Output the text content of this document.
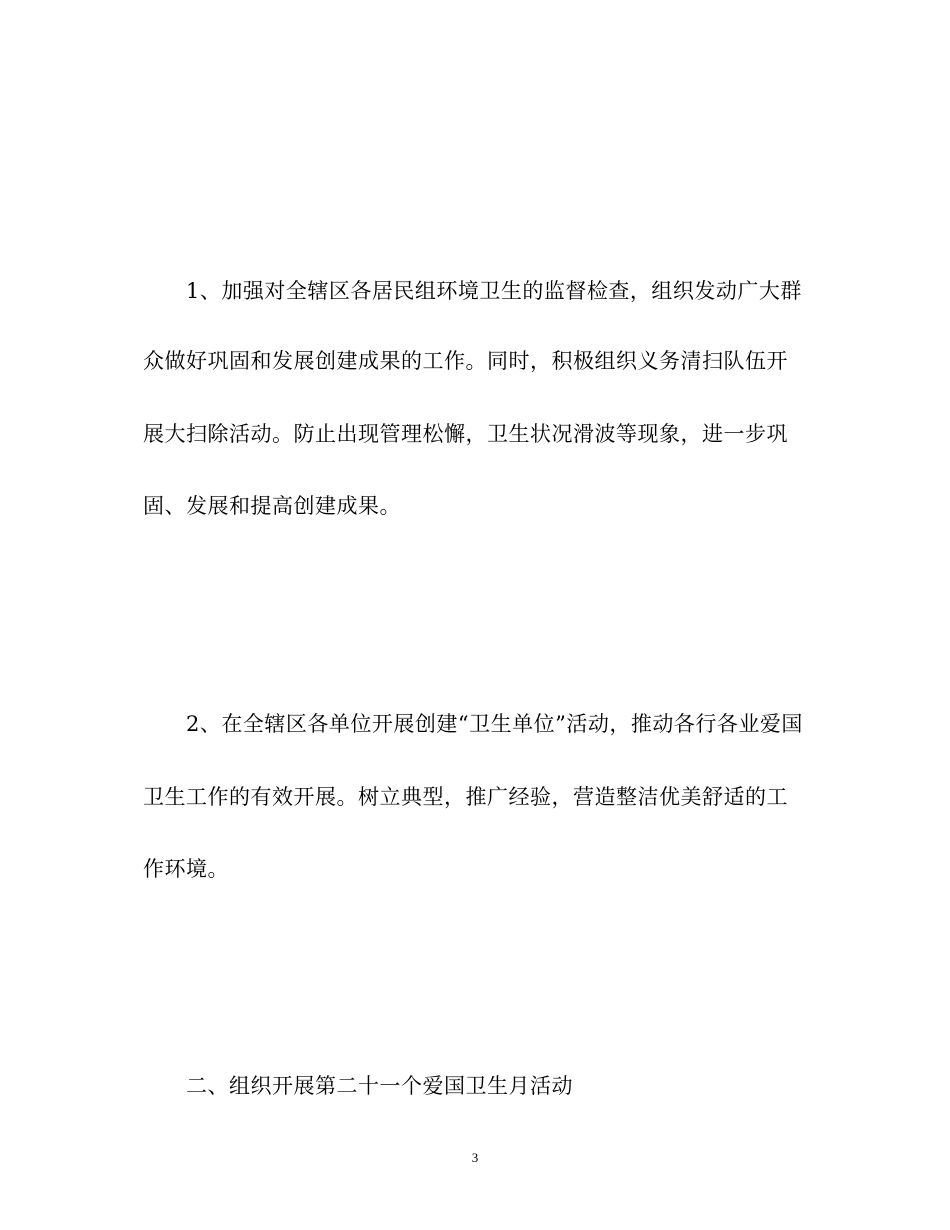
1、加强对全辖区各居民组环境卫生的监督检查，组织发动广大群
众做好巩固和发展创建成果的工作。同时，积极组织义务清扫队伍开
展大扫除活动。防止出现管理松懈，卫生状况滑波等现象，进一步巩
固、发展和提高创建成果。
2、在全辖区各单位开展创建“卫生单位”活动，推动各行各业爱国
卫生工作的有效开展。树立典型，推广经验，营造整洁优美舒适的工
作环境。
二、组织开展第二十一个爱国卫生月活动
3
